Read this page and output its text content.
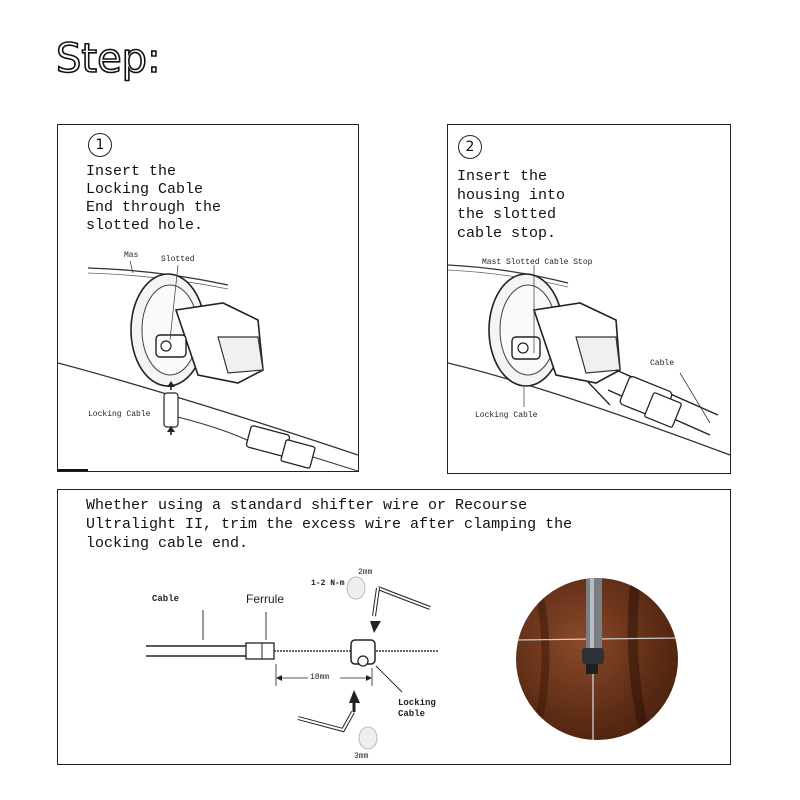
Step:
1
Insert the
Locking Cable
End through the
slotted hole.
Mas	Slotted
Locking Cable
2
Insert the
housing into
the slotted
cable stop.
Mast Slotted Cable Stop
Cable
Locking Cable
Whether using a standard shifter wire or Recourse
Ultralight II, trim the excess wire after clamping the
locking cable end.
Cable	Ferrule
1-2 N-m
2mm
18mm
Locking
Cable
3mm
